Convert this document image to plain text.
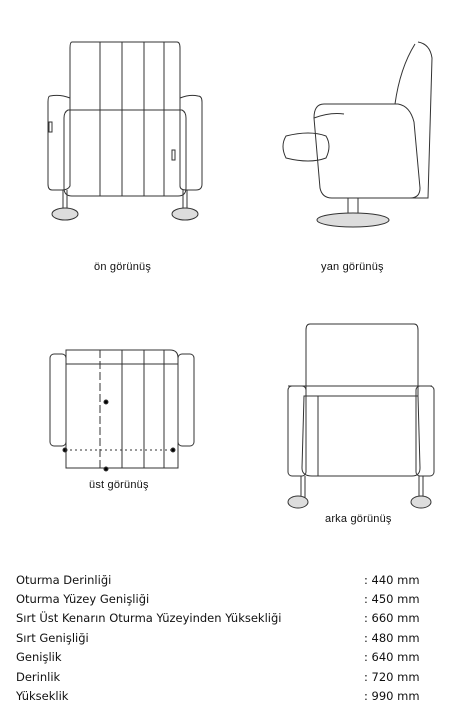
ön görünüş	yan görünüş
üst görünüş
arka görünüş
Oturma Derinliği	: 440 mm
Oturma Yüzey Genişliği	: 450 mm
Sırt Üst Kenarın Oturma Yüzeyinden Yüksekliği	: 660 mm
Sırt Genişliği	: 480 mm
Genişlik	: 640 mm
Derinlik	: 720 mm
Yükseklik	: 990 mm
